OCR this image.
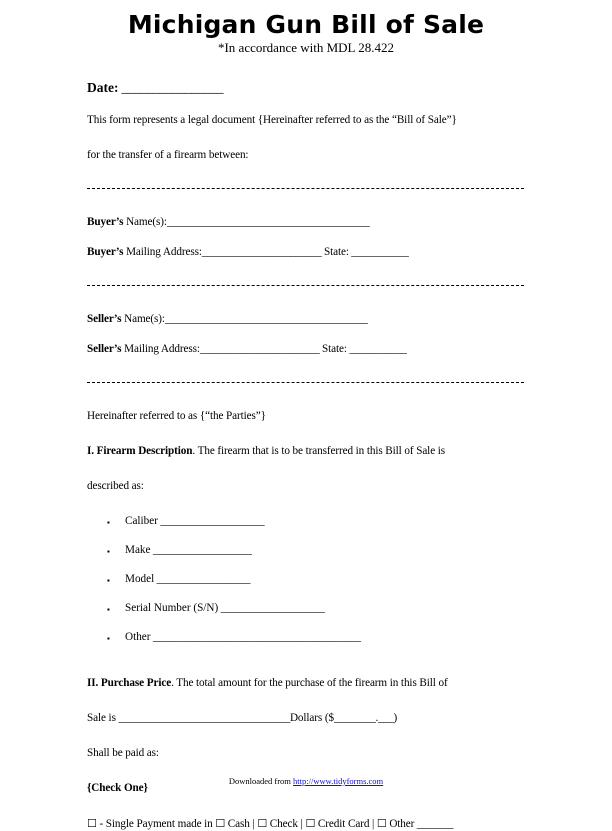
Michigan Gun Bill of Sale
*In accordance with MDL 28.422
Date: ________________
This form represents a legal document {Hereinafter referred to as the “Bill of Sale”}
for the transfer of a firearm between:
Buyer’s Name(s):_______________________________________
Buyer’s Mailing Address:_______________________ State: ___________
Seller’s Name(s):_______________________________________
Seller’s Mailing Address:_______________________ State: ___________
Hereinafter referred to as {“the Parties”}
I. Firearm Description. The firearm that is to be transferred in this Bill of Sale is
described as:
▪ Caliber ____________________
▪ Make ___________________
▪ Model __________________
▪ Serial Number (S/N) ____________________
▪ Other ________________________________________
II. Purchase Price. The total amount for the purchase of the firearm in this Bill of
Sale is _________________________________Dollars ($________.___)
Shall be paid as:
{Check One}
☐ - Single Payment made in ☐ Cash | ☐ Check | ☐ Credit Card | ☐ Other _______
Downloaded from http://www.tidyforms.com
